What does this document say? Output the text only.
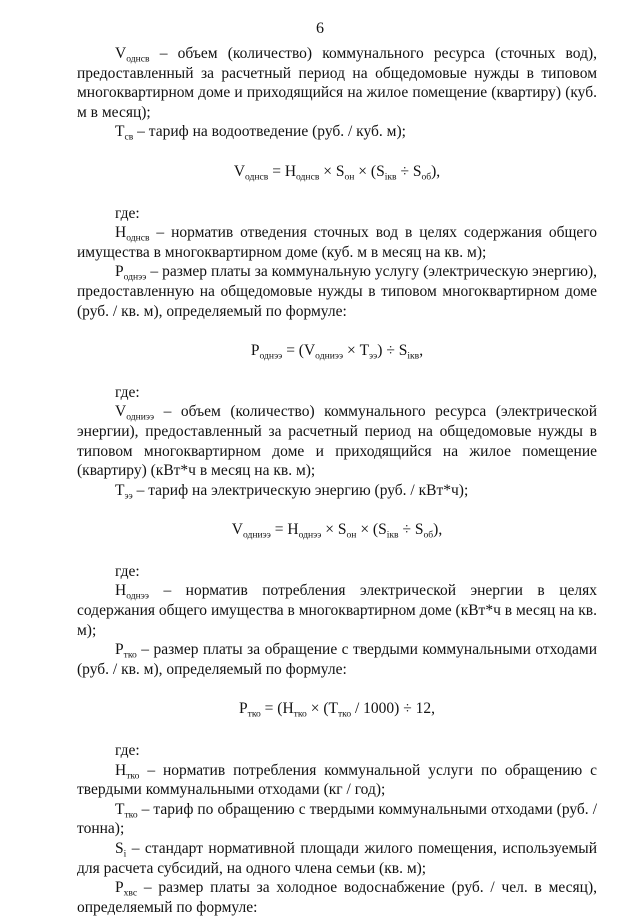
6

$V_{однсв}$ – объем (количество) коммунального ресурса (сточных вод), предоставленный за расчетный период на общедомовые нужды в типовом многоквартирном доме и приходящийся на жилое помещение (квартиру) (куб. м в месяц);

$T_{св}$ – тариф на водоотведение (руб. / куб. м);

$V_{однсв} = H_{однсв} \times S_{он} \times (S_{iкв} \div S_{об})$,

где:

$H_{однсв}$ – норматив отведения сточных вод в целях содержания общего имущества в многоквартирном доме (куб. м в месяц на кв. м);

$P_{однээ}$ – размер платы за коммунальную услугу (электрическую энергию), предоставленную на общедомовые нужды в типовом многоквартирном доме (руб. / кв. м), определяемый по формуле:

$P_{однээ} = (V_{одниээ} \times T_{ээ}) \div S_{iкв}$,

где:

$V_{одниээ}$ – объем (количество) коммунального ресурса (электрической энергии), предоставленный за расчетный период на общедомовые нужды в типовом многоквартирном доме и приходящийся на жилое помещение (квартиру) (кВт*ч в месяц на кв. м);

$T_{ээ}$ – тариф на электрическую энергию (руб. / кВт*ч);

$V_{одниээ} = H_{однээ} \times S_{он} \times (S_{iкв} \div S_{об})$,

где:

$H_{однээ}$ – норматив потребления электрической энергии в целях содержания общего имущества в многоквартирном доме (кВт*ч в месяц на кв. м);

$P_{тко}$ – размер платы за обращение с твердыми коммунальными отходами (руб. / кв. м), определяемый по формуле:

$P_{тко} = (H_{тко} \times (T_{тко} / 1000) \div 12$,

где:

$H_{тко}$ – норматив потребления коммунальной услуги по обращению с твердыми коммунальными отходами (кг / год);

$T_{тко}$ – тариф по обращению с твердыми коммунальными отходами (руб. / тонна);

$S_i$ – стандарт нормативной площади жилого помещения, используемый для расчета субсидий, на одного члена семьи (кв. м);

$P_{хвс}$ – размер платы за холодное водоснабжение (руб. / чел. в месяц), определяемый по формуле:
